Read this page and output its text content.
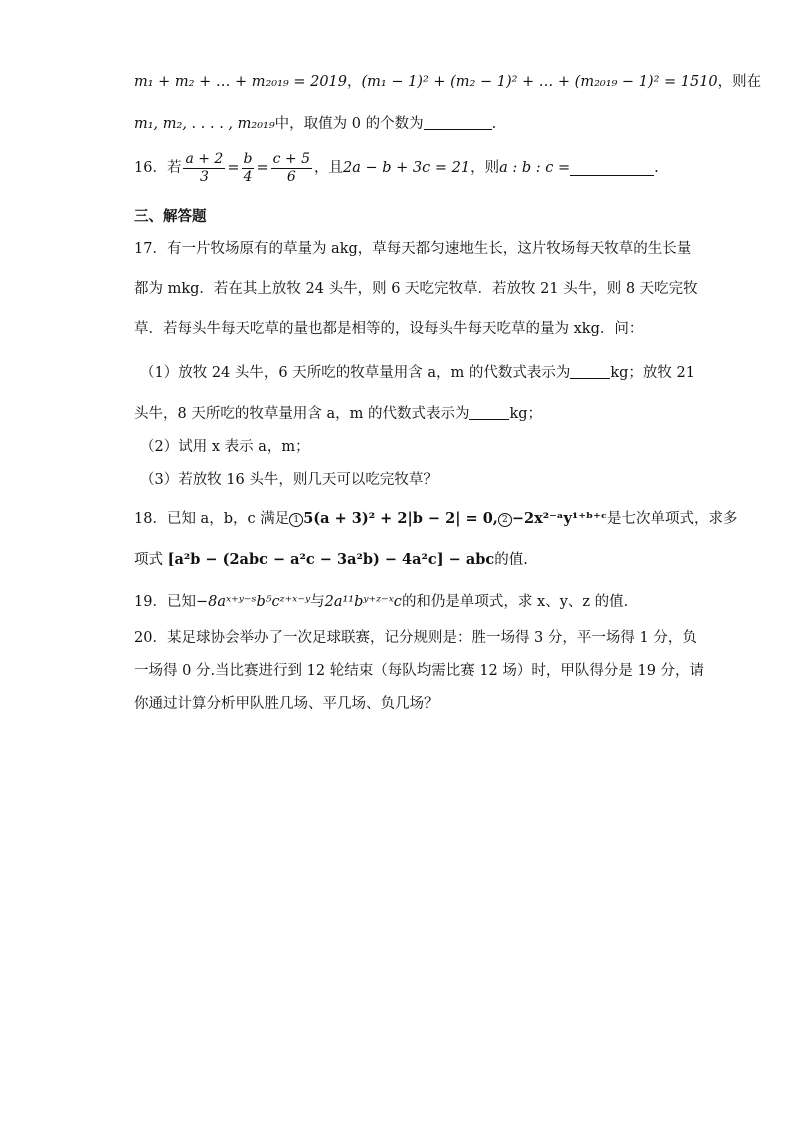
m₁ + m₂ + … + m₂₀₁₉ = 2019，(m₁ − 1)² + (m₂ − 1)² + … + (m₂₀₁₉ − 1)² = 1510，则在
m₁, m₂, . . . . , m₂₀₁₉中，取值为 0 的个数为	.
16．若 $\frac{a + 2}{3} = \frac{b}{4} = \frac{c + 5}{6}$ ，且 2a − b + 3c = 21 ，则 a : b : c =	.
三、解答题
17．有一片牧场原有的草量为 akg，草每天都匀速地生长，这片牧场每天牧草的生长量
都为 mkg．若在其上放牧 24 头牛，则 6 天吃完牧草．若放牧 21 头牛，则 8 天吃完牧
草．若每头牛每天吃草的量也都是相等的，设每头牛每天吃草的量为 xkg．问：
（1）放牧 24 头牛，6 天所吃的牧草量用含 a，m 的代数式表示为	kg；放牧 21
头牛，8 天所吃的牧草量用含 a，m 的代数式表示为	kg；
（2）试用 x 表示 a，m；
（3）若放牧 16 头牛，则几天可以吃完牧草？
18．已知 a，b，c 满足 1 5(a + 3)² + 2|b − 2| = 0, 2 −2x²⁻ᵃy¹⁺ᵇ⁺ᶜ是七次单项式，求多
项式 [a²b − (2abc − a²c − 3a²b) − 4a²c] − abc的值.
19．已知−8aˣ⁺ʸ⁻ˢb⁵cᶻ⁺ˣ⁻ʸ与2a¹¹bʸ⁺ᶻ⁻ˣc的和仍是单项式，求 x、y、z 的值.
20．某足球协会举办了一次足球联赛，记分规则是：胜一场得 3 分，平一场得 1 分，负
一场得 0 分.当比赛进行到 12 轮结束（每队均需比赛 12 场）时，甲队得分是 19 分，请
你通过计算分析甲队胜几场、平几场、负几场？
